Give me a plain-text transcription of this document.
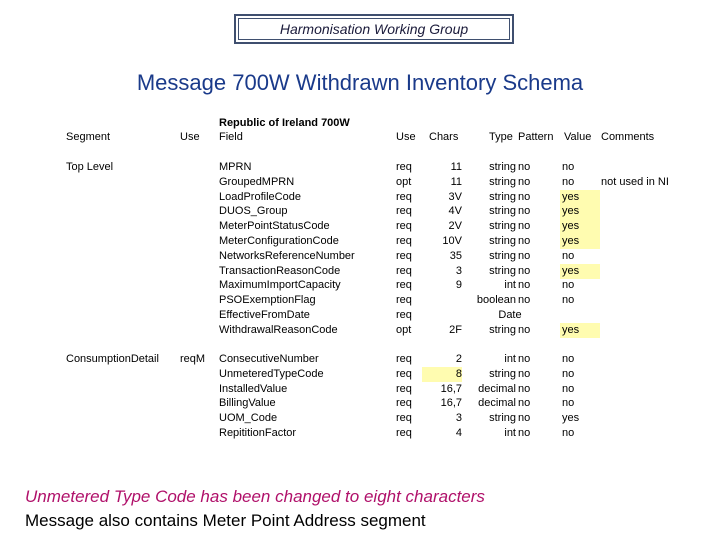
Harmonisation Working Group
Message 700W Withdrawn Inventory Schema
Republic of Ireland 700W
Segment	Use	Field	Use	Chars	Type Pattern Value Comments
Top Level	MPRN	req	11	string no	no
GroupedMPRN	opt	11	string no	no	not used in NI
LoadProfileCode	req	3V	string no	yes
DUOS_Group	req	4V	string no	yes
MeterPointStatusCode	req	2V	string no	yes
MeterConfigurationCode	req	10V	string no	yes
NetworksReferenceNumber	req	35	string no	no
TransactionReasonCode	req	3	string no	yes
MaximumImportCapacity	req	9	int no	no
PSOExemptionFlag	req	boolean no	no
EffectiveFromDate	req	Date
WithdrawalReasonCode	opt	2F	string no	yes
ConsumptionDetail	reqM	ConsecutiveNumber	req	2	int no	no
UnmeteredTypeCode	req	8	string no	no
InstalledValue	req	16,7	decimal no	no
BillingValue	req	16,7	decimal no	no
UOM_Code	req	3	string no	yes
RepititionFactor	req	4	int no	no
Unmetered Type Code has been changed to eight characters
Message also contains Meter Point Address segment
